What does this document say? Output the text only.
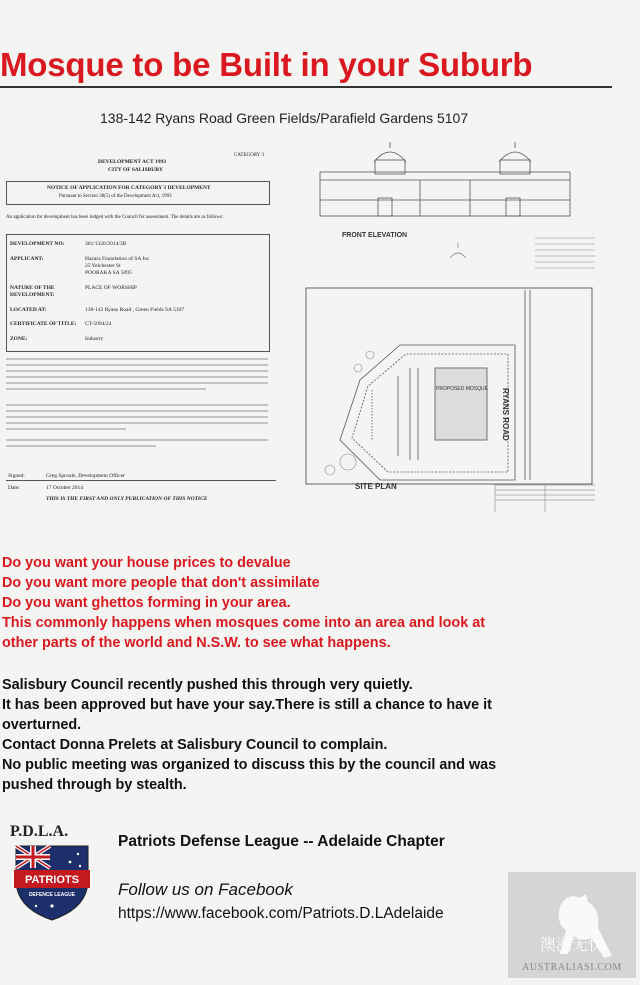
Mosque to be Built in your Suburb
138-142 Ryans Road Green Fields/Parafield Gardens 5107
CATEGORY 3
DEVELOPMENT ACT 1993
CITY OF SALISBURY
NOTICE OF APPLICATION FOR CATEGORY 3 DEVELOPMENT
Pursuant to Section 38(5) of the Development Act, 1993
An application for development has been lodged with the Council for assessment. The details are as follows:
DEVELOPMENT NO:	361/1326/2014/3B
APPLICANT:	Hazara Foundation of SA Inc
25 Yelchester St
POORAKA SA 5095
NATURE OF THE	PLACE OF WORSHIP
DEVELOPMENT:
LOCATED AT:	138-142 Ryans Road , Green Fields SA 5107
CERTIFICATE OF TITLE: CT-5094/24
ZONE:	Industry
Signed:	Greg Sproule, Development Officer
Date:	17 October 2014
THIS IS THE FIRST AND ONLY PUBLICATION OF THIS NOTICE
FRONT ELEVATION
PROPOSED MOSQUE	RYANS ROAD
SITE PLAN
Do you want your house prices to devalue
Do you want more people that don't assimilate
Do you want ghettos forming in your area.
This commonly happens when mosques come into an area and look at
other parts of the world and N.S.W. to see what happens.
Salisbury Council recently pushed this through very quietly.
It has been approved but have your say.There is still a chance to have it
overturned.
Contact Donna Prelets at Salisbury Council to complain.
No public meeting was organized to discuss this by the council and was
pushed through by stealth.
P.D.L.A.
PATRIOTS
DEFENCE LEAGUE
Patriots Defense League -- Adelaide Chapter
Follow us on Facebook
https://www.facebook.com/Patriots.D.LAdelaide
澳洲无忧
AUSTRALIASI.COM
